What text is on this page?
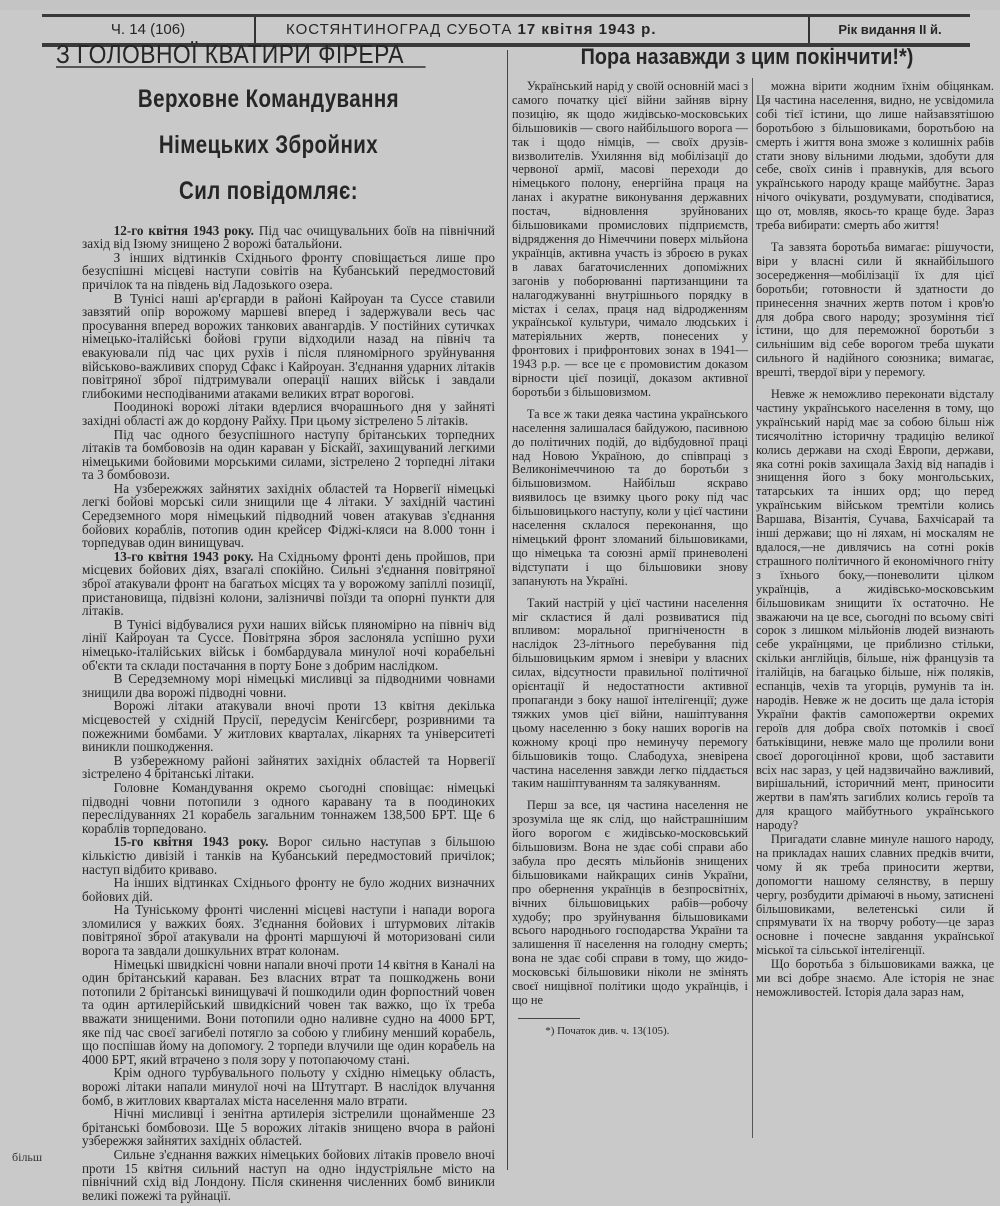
Ч. 14 (106)	КОСТЯНТИНОГРАД СУБОТА 17 квітня 1943 р.	Рік видання II й.
З ГОЛОВНОЇ КВАТИРИ ФІРЕРА
Верховне Командування Німецьких Збройних
Сил повідомляє:

12-го квітня 1943 року. Під час очищувальних боїв на північний захід від Ізюму знищено 2 ворожі батальйони.

З інших відтинків Східнього фронту сповіщається лише про безуспішні місцеві наступи совітів на Кубанський передмостовий причілок та на південь від Ладозького озера.

В Тунісі наші ар'єргарди в районі Кайроуан та Суссе ставили завзятий опір ворожому маршеві вперед і задержували весь час просування вперед ворожих танкових авангардів. У постійних сутичках німецько-італійські бойові групи відходили назад на північ та евакуювали під час цих рухів і після пляномірного зруйнування військово-важливих споруд Сфакс і Кайроуан. З'єднання ударних літаків повітряної зброї підтримували операції наших військ і завдали глибокими несподіваними атаками великих втрат ворогові.

Поодинокі ворожі літаки вдерлися вчорашнього дня у зайняті західні області аж до кордону Райху. При цьому зістрелено 5 літаків.

Під час одного безуспішного наступу брітанських торпедних літаків та бомбовозів на один караван у Біскайї, захищуваний легкими німецькими бойовими морськими силами, зістрелено 2 торпедні літаки та 3 бомбовози.

На узбережжях зайнятих західніх областей та Норвегії німецькі легкі бойові морські сили знищили ще 4 літаки. У західній частині Середземного моря німецький підводний човен атакував з'єднання бойових кораблів, потопив один крейсер Фіджі-кляси на 8.000 тонн і торпедував один винищувач.

13-го квітня 1943 року. На Східньому фронті день пройшов, при місцевих бойових діях, взагалі спокійно. Сильні з'єднання повітряної зброї атакували фронт на багатьох місцях та у ворожому запіллі позиції, пристановища, підвізні колони, залізничві поїзди та опорні пункти для літаків.

В Тунісі відбувалися рухи наших військ пляномірно на північ від лінії Кайроуан та Суссе. Повітряна зброя заслоняла успішно рухи німецько-італійських військ і бомбардувала минулої ночі корабельні об'єкти та склади постачання в порту Боне з добрим наслідком.

В Середземному морі німецькі мисливці за підводними човнами знищили два ворожі підводні човни.

Ворожі літаки атакували вночі проти 13 квітня декілька місцевостей у східній Прусії, передусім Кенігсберг, розривними та пожежними бомбами. У житлових кварталах, лікарнях та університеті виникли пошкодження.

В узбережному районі зайнятих західніх областей та Норвегії зістрелено 4 брітанські літаки.

Головне Командування окремо сьогодні сповіщає: німецькі підводні човни потопили з одного каравану та в поодиноких переслідуваннях 21 корабель загальним тоннажем 138,500 БРТ. Ще 6 кораблів торпедовано.

15-го квітня 1943 року. Ворог сильно наступав з більшою кількістю дивізій і танків на Кубанський передмостовий причілок; наступ відбито криваво.

На інших відтинках Східнього фронту не було жодних визначних бойових дій.

На Туніському фронті численні місцеві наступи і напади ворога зломилися у важких боях. З'єднання бойових і штурмових літаків повітряної зброї атакували на фронті маршуючі й моторизовані сили ворога та завдали дошкульних втрат колонам.

Німецькі швидкісні човни напали вночі проти 14 квітня в Каналі на один брітанський караван. Без власних втрат та пошкоджень вони потопили 2 брітанські винищувачі й пошкодили один форпостний човен та один артилерійський швидкісний човен так важко, що їх треба вважати знищеними. Вони потопили одно наливне судно на 4000 БРТ, яке під час своєї загибелі потягло за собою у глибину менший корабель, що поспішав йому на допомогу. 2 торпеди влучили ще один корабель на 4000 БРТ, який втрачено з поля зору у потопаючому стані.

Крім одного турбувального польоту у східню німецьку область, ворожі літаки напали минулої ночі на Штутгарт. В наслідок влучання бомб, в житлових кварталах міста населення мало втрати.

Нічні мисливці і зенітна артилерія зістрелили щонайменше 23 брітанські бомбовози. Ще 5 ворожих літаків знищено вчора в районі узбережжя зайнятих західніх областей.

Сильне з'єднання важких німецьких бойових літаків провело вночі проти 15 квітня сильний наступ на одно індустріяльне місто на північний схід від Лондону. Після скинення численних бомб виникли великі пожежі та руйнації.

більш
Пора назавжди з цим покінчити!*)

Український нарід у своїй основній масі з самого початку цієї війни зайняв вірну позицію, як щодо жидівсько-московських більшовиків — свого найбільшого ворога — так і щодо німців, — своїх друзів-визволителів. Ухиляння від мобілізації до червоної армії, масові переходи до німецького полону, енергійна праця на ланах і акуратне виконування державних постач, відновлення зруйнованих більшовиками промислових підприємств, відрядження до Німеччини поверх мільйона українців, активна участь із зброєю в руках в лавах багаточисленних допоміжних загонів у поборюванні партизанщини та налагоджуванні внутрішнього порядку в містах і селах, праця над відродженням української культури, чимало людських і матеріяльних жертв, понесених у фронтових і прифронтових зонах в 1941—1943 р.р. — все це є промовистим доказом вірности цієї позиції, доказом активної боротьби з більшовизмом.

Та все ж таки деяка частина українського населення залишалася байдужою, пасивною до політичних подій, до відбудовної праці над Новою Україною, до співпраці з Великонімеччиною та до боротьби з більшовизмом. Найбільш яскраво виявилось це взимку цього року під час більшовицького наступу, коли у цієї частини населення склалося переконання, що німецький фронт зломаний більшовиками, що німецька та союзні армії приневолені відступати і що більшовики знову запанують на Україні.

Такий настрій у цієї частини населення міг скластися й далі розвиватися під впливом: моральної пригніченостн в наслідок 23-літнього перебування під більшовицьким ярмом і зневіри у власних силах, відсутности правильної політичної орієнтації й недостатности активної пропаганди з боку нашої інтелігенції; дуже тяжких умов цієї війни, нашіптування цьому населенню з боку наших ворогів на кожному кроці про неминучу перемогу більшовиків тощо. Слабодуха, зневірена частина населення завжди легко піддається таким нашіптуванням та залякуванням.

Перш за все, ця частина населення не зрозуміла ще як слід, що найстрашнішим його ворогом є жидівсько-московський більшовизм. Вона не здає собі справи або забула про десять мільйонів знищених більшовиками найкращих синів України, про обернення українців в безпросвітніх, вічних більшовицьких рабів—робочу худобу; про зруйнування більшовиками всього народнього господарства України та залишення її населення на голодну смерть; вона не здає собі справи в тому, що жидо-московські більшовики ніколи не змінять своєї нищівної політики щодо українців, і що не

*) Початок див. ч. 13(105).

можна вірити жодним їхнім обіцянкам. Ця частина населення, видно, не усвідомила собі тієї істини, що лише найзавзятішою боротьбою з більшовиками, боротьбою на смерть і життя вона зможе з колишніх рабів стати знову вільними людьми, здобути для себе, своїх синів і правнуків, для всього українського народу краще майбутнє. Зараз нічого очікувати, роздумувати, сподіватися, що от, мовляв, якось-то краще буде. Зараз треба вибирати: смерть або життя!

Та завзята боротьба вимагає: рішучости, віри у власні сили й якнайбільшого зосередження—мобілізації їх для цієї боротьби; готовности й здатности до принесення значних жертв потом і кров'ю для добра свого народу; зрозуміння тієї істини, що для переможної боротьби з сильнішим від себе ворогом треба шукати сильного й надійного союзника; вимагає, врешті, твердої віри у перемогу.

Невже ж неможливо переконати відсталу частину українського населення в тому, що український нарід має за собою більш ніж тисячолітню історичну традицію великої колись держави на сході Европи, держави, яка сотні років захищала Захід від нападів і знищення його з боку монгольських, татарських та інших орд; що перед українським військом тремтіли колись Варшава, Візантія, Сучава, Бахчісарай та інші держави; що ні ляхам, ні москалям не вдалося,—не дивлячись на сотні років страшного політичного й економічного гніту з їхнього боку,—поневолити цілком українців, а жидівсько-московським більшовикам знищити їх остаточно. Не зважаючи на це все, сьогодні по всьому світі сорок з лишком мільйонів людей визнають себе українцями, це приблизно стільки, скільки англійців, більше, ніж французів та італійців, на багацько більше, ніж поляків, еспанців, чехів та угорців, румунів та ін. народів. Невже ж не досить ще дала історія України фактів самопожертви окремих героїв для добра своїх потомків і своєї батьківщини, невже мало ще пролили вони своєї дорогоцінної крови, щоб заставити всіх нас зараз, у цей надзвичайно важливий, вирішальний, історичний мент, приносити жертви в пам'ять загиблих колись героїв та для кращого майбутнього українського народу?

Пригадати славне минуле нашого народу, на прикладах наших славних предків вчити, чому й як треба приносити жертви, допомогти нашому селянству, в першу чергу, розбудити дрімаючі в ньому, затиснені більшовиками, велетенські сили й спрямувати їх на творчу роботу—це зараз основне і почесне завдання української міської та сільської інтелігенції.

Що боротьба з більшовиками важка, це ми всі добре знаємо. Але історія не знає неможливостей. Історія дала зараз нам,
